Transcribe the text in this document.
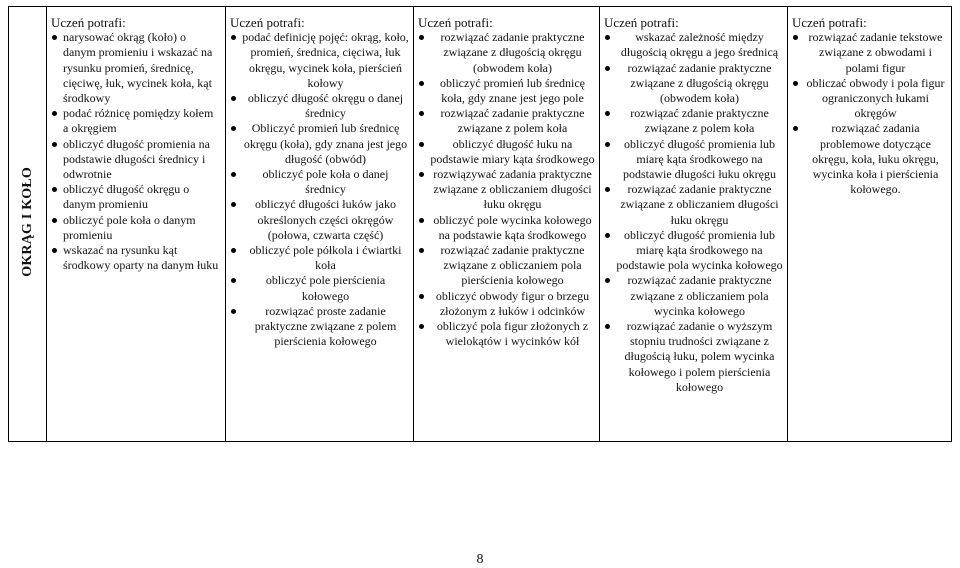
OKRĄG I KOŁO	
Uczeń potrafi:
narysować okrąg (koło) o danym promieniu i wskazać na rysunku promień, średnicę, cięciwę, łuk, wycinek koła, kąt środkowy
podać różnicę pomiędzy kołem a okręgiem
obliczyć długość promienia na podstawie długości średnicy i odwrotnie
obliczyć długość okręgu o danym promieniu
obliczyć pole koła o danym promieniu
wskazać na rysunku kąt środkowy oparty na danym łuku

Uczeń potrafi:
podać definicję pojęć: okrąg, koło, promień, średnica, cięciwa, łuk okręgu, wycinek koła, pierścień kołowy
obliczyć długość okręgu o danej średnicy
Obliczyć promień lub średnicę okręgu (koła), gdy znana jest jego długość (obwód)
obliczyć pole koła o danej średnicy
obliczyć długości łuków jako określonych części okręgów (połowa, czwarta część)
obliczyć pole półkola i ćwiartki koła
obliczyć pole pierścienia kołowego
rozwiązać proste zadanie praktyczne związane z polem pierścienia kołowego

Uczeń potrafi:
rozwiązać zadanie praktyczne związane z długością okręgu (obwodem koła)
obliczyć promień lub średnicę koła, gdy znane jest jego pole
rozwiązać zadanie praktyczne związane z polem koła
obliczyć długość łuku na podstawie miary kąta środkowego
rozwiązywać zadania praktyczne związane z obliczaniem długości łuku okręgu
obliczyć pole wycinka kołowego na podstawie kąta środkowego
rozwiązać zadanie praktyczne związane z obliczaniem pola pierścienia kołowego
obliczyć obwody figur o brzegu złożonym z łuków i odcinków
obliczyć pola figur złożonych z wielokątów i wycinków kół

Uczeń potrafi:
wskazać zależność między długością okręgu a jego średnicą
rozwiązać zadanie praktyczne związane z długością okręgu (obwodem koła)
rozwiązać zdanie praktyczne związane z polem koła
obliczyć długość promienia lub miarę kąta środkowego na podstawie długości łuku okręgu
rozwiązać zadanie praktyczne związane z obliczaniem długości łuku okręgu
obliczyć długość promienia lub miarę kąta środkowego na podstawie pola wycinka kołowego
rozwiązać zadanie praktyczne związane z obliczaniem pola wycinka kołowego
rozwiązać zadanie o wyższym stopniu trudności związane z długością łuku, polem wycinka kołowego i polem pierścienia kołowego

Uczeń potrafi:
rozwiązać zadanie tekstowe związane z obwodami i polami figur
obliczać obwody i pola figur ograniczonych łukami okręgów
rozwiązać zadania problemowe dotyczące okręgu, koła, łuku okręgu, wycinka koła i pierścienia kołowego.
8
